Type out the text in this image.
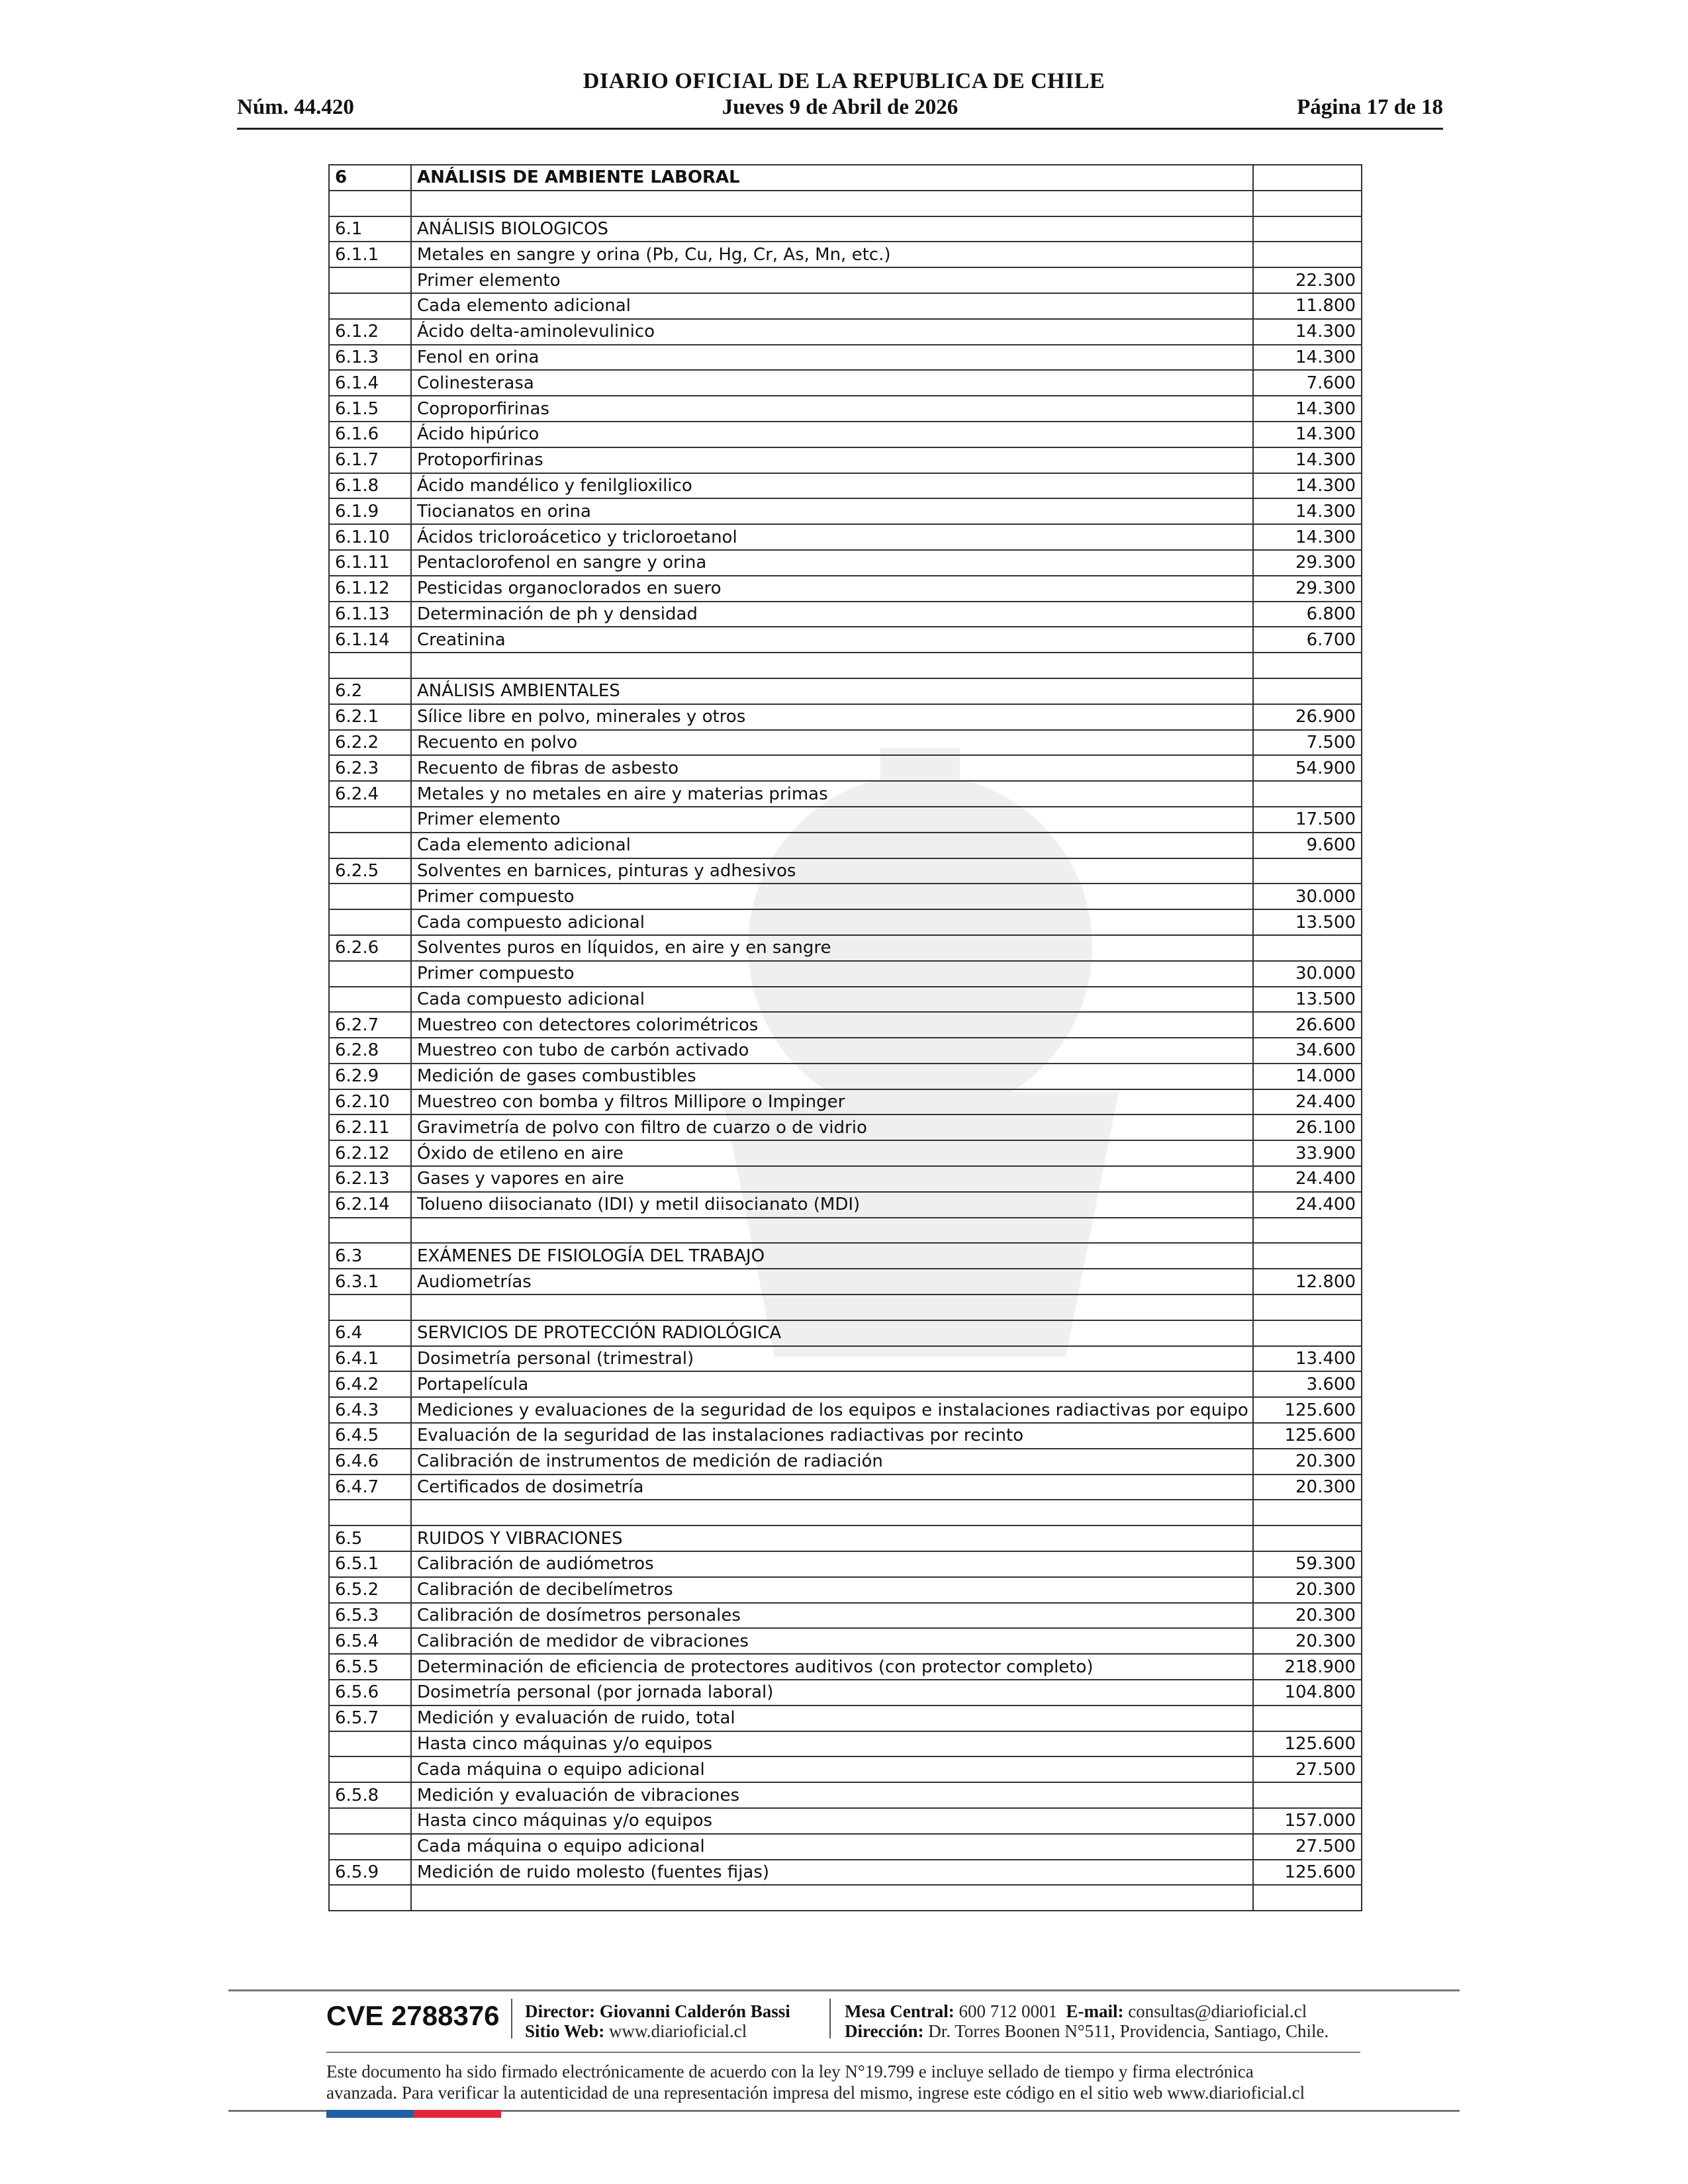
DIARIO OFICIAL DE LA REPUBLICA DE CHILE
Núm. 44.420	Jueves 9 de Abril de 2026	Página 17 de 18
6	ANÁLISIS DE AMBIENTE LABORAL	

6.1	ANÁLISIS BIOLOGICOS	
6.1.1	Metales en sangre y orina (Pb, Cu, Hg, Cr, As, Mn, etc.)	
	Primer elemento	22.300
	Cada elemento adicional	11.800
6.1.2	Ácido delta-aminolevulinico	14.300
6.1.3	Fenol en orina	14.300
6.1.4	Colinesterasa	7.600
6.1.5	Coproporfirinas	14.300
6.1.6	Ácido hipúrico	14.300
6.1.7	Protoporfirinas	14.300
6.1.8	Ácido mandélico y fenilglioxilico	14.300
6.1.9	Tiocianatos en orina	14.300
6.1.10	Ácidos tricloroácetico y tricloroetanol	14.300
6.1.11	Pentaclorofenol en sangre y orina	29.300
6.1.12	Pesticidas organoclorados en suero	29.300
6.1.13	Determinación de ph y densidad	6.800
6.1.14	Creatinina	6.700

6.2	ANÁLISIS AMBIENTALES	
6.2.1	Sílice libre en polvo, minerales y otros	26.900
6.2.2	Recuento en polvo	7.500
6.2.3	Recuento de fibras de asbesto	54.900
6.2.4	Metales y no metales en aire y materias primas	
	Primer elemento	17.500
	Cada elemento adicional	9.600
6.2.5	Solventes en barnices, pinturas y adhesivos	
	Primer compuesto	30.000
	Cada compuesto adicional	13.500
6.2.6	Solventes puros en líquidos, en aire y en sangre	
	Primer compuesto	30.000
	Cada compuesto adicional	13.500
6.2.7	Muestreo con detectores colorimétricos	26.600
6.2.8	Muestreo con tubo de carbón activado	34.600
6.2.9	Medición de gases combustibles	14.000
6.2.10	Muestreo con bomba y filtros Millipore o Impinger	24.400
6.2.11	Gravimetría de polvo con filtro de cuarzo o de vidrio	26.100
6.2.12	Óxido de etileno en aire	33.900
6.2.13	Gases y vapores en aire	24.400
6.2.14	Tolueno diisocianato (IDI) y metil diisocianato (MDI)	24.400

6.3	EXÁMENES DE FISIOLOGÍA DEL TRABAJO	
6.3.1	Audiometrías	12.800

6.4	SERVICIOS DE PROTECCIÓN RADIOLÓGICA	
6.4.1	Dosimetría personal (trimestral)	13.400
6.4.2	Portapelícula	3.600
6.4.3	Mediciones y evaluaciones de la seguridad de los equipos e instalaciones radiactivas por equipo	125.600
6.4.5	Evaluación de la seguridad de las instalaciones radiactivas por recinto	125.600
6.4.6	Calibración de instrumentos de medición de radiación	20.300
6.4.7	Certificados de dosimetría	20.300

6.5	RUIDOS Y VIBRACIONES	
6.5.1	Calibración de audiómetros	59.300
6.5.2	Calibración de decibelímetros	20.300
6.5.3	Calibración de dosímetros personales	20.300
6.5.4	Calibración de medidor de vibraciones	20.300
6.5.5	Determinación de eficiencia de protectores auditivos (con protector completo)	218.900
6.5.6	Dosimetría personal (por jornada laboral)	104.800
6.5.7	Medición y evaluación de ruido, total	
	Hasta cinco máquinas y/o equipos	125.600
	Cada máquina o equipo adicional	27.500
6.5.8	Medición y evaluación de vibraciones	
	Hasta cinco máquinas y/o equipos	157.000
	Cada máquina o equipo adicional	27.500
6.5.9	Medición de ruido molesto (fuentes fijas)	125.600

CVE 2788376 Director: Giovanni Calderón Bassi
Sitio Web: www.diarioficial.cl
Mesa Central: 600 712 0001 E-mail: consultas@diarioficial.cl
Dirección: Dr. Torres Boonen N°511, Providencia, Santiago, Chile.
Este documento ha sido firmado electrónicamente de acuerdo con la ley N°19.799 e incluye sellado de tiempo y firma electrónica
avanzada. Para verificar la autenticidad de una representación impresa del mismo, ingrese este código en el sitio web www.diarioficial.cl
